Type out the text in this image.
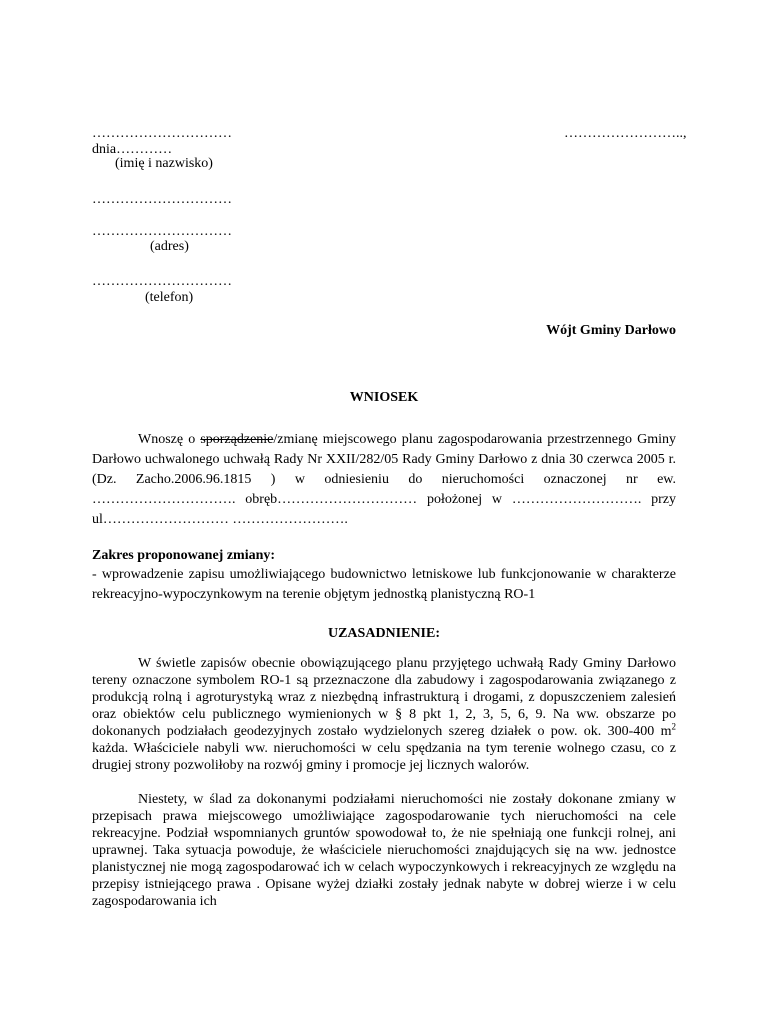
…………………………	……………………..,
dnia…………
(imię i nazwisko)
…………………………
…………………………
(adres)
…………………………
(telefon)
Wójt Gminy Darłowo
WNIOSEK
Wnoszę o sporządzenie/zmianę miejscowego planu zagospodarowania przestrzennego Gminy Darłowo uchwalonego uchwałą Rady Nr XXII/282/05 Rady Gminy Darłowo z dnia 30 czerwca 2005 r. (Dz. Zacho.2006.96.1815 ) w odniesieniu do nieruchomości oznaczonej nr ew. …………………………. obręb………………………… położonej w ………………………. przy ul……………………… …………………….
Zakres proponowanej zmiany:
- wprowadzenie zapisu umożliwiającego budownictwo letniskowe lub funkcjonowanie w charakterze rekreacyjno-wypoczynkowym na terenie objętym jednostką planistyczną RO-1
UZASADNIENIE:
W świetle zapisów obecnie obowiązującego planu przyjętego uchwałą Rady Gminy Darłowo tereny oznaczone symbolem RO-1 są przeznaczone dla zabudowy i zagospodarowania związanego z produkcją rolną i agroturystyką wraz z niezbędną infrastrukturą i drogami, z dopuszczeniem zalesień oraz obiektów celu publicznego wymienionych w § 8 pkt 1, 2, 3, 5, 6, 9. Na ww. obszarze po dokonanych podziałach geodezyjnych zostało wydzielonych szereg działek o pow. ok. 300-400 $m^2$ każda. Właściciele nabyli ww. nieruchomości w celu spędzania na tym terenie wolnego czasu, co z drugiej strony pozwoliłoby na rozwój gminy i promocje jej licznych walorów.
Niestety, w ślad za dokonanymi podziałami nieruchomości nie zostały dokonane zmiany w przepisach prawa miejscowego umożliwiające zagospodarowanie tych nieruchomości na cele rekreacyjne. Podział wspomnianych gruntów spowodował to, że nie spełniają one funkcji rolnej, ani uprawnej. Taka sytuacja powoduje, że właściciele nieruchomości znajdujących się na ww. jednostce planistycznej nie mogą zagospodarować ich w celach wypoczynkowych i rekreacyjnych ze względu na przepisy istniejącego prawa . Opisane wyżej działki zostały jednak nabyte w dobrej wierze i w celu zagospodarowania ich
